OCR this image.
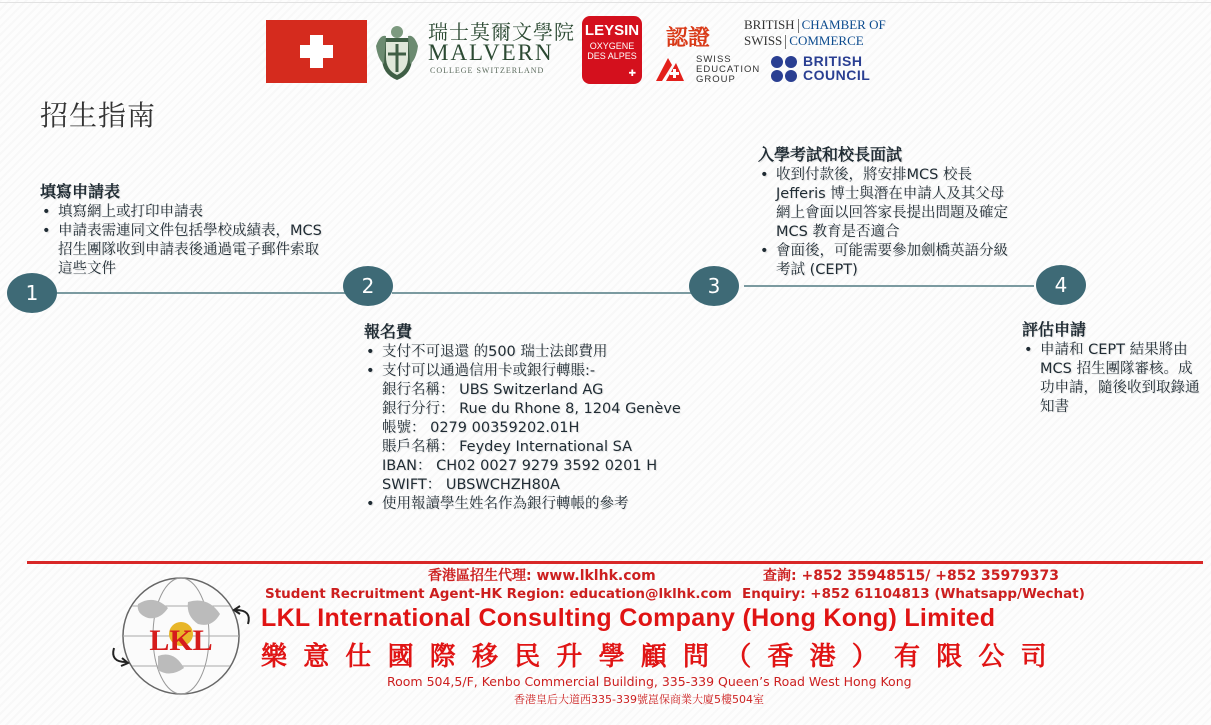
瑞士莫爾文學院
MALVERN
COLLEGE SWITZERLAND
LEYSIN
OXYGENE
DES ALPES
✚
認證
SWISS
EDUCATION
GROUP
BRITISH CHAMBER OF
SWISS COMMERCE
BRITISH
COUNCIL
招生指南
1	2	3	4
填寫申請表
• 填寫網上或打印申請表
• 申請表需連同文件包括學校成績表，MCS 招生團隊收到申請表後通過電子郵件索取這些文件
報名費
• 支付不可退還 的500 瑞士法郎費用
• 支付可以通過信用卡或銀行轉賬:-
銀行名稱： UBS Switzerland AG
銀行分行： Rue du Rhone 8, 1204 Genève
帳號： 0279 00359202.01H
賬戶名稱： Feydey International SA
IBAN： CH02 0027 9279 3592 0201 H
SWIFT： UBSWCHZH80A
• 使用報讀學生姓名作為銀行轉帳的參考
入學考試和校長面試
• 收到付款後，將安排MCS 校長 Jefferis 博士與潛在申請人及其父母網上會面以回答家長提出問題及確定 MCS 教育是否適合
• 會面後，可能需要參加劍橋英語分級考試 (CEPT)
評估申請
• 申請和 CEPT 結果將由MCS 招生團隊審核。成功申請，隨後收到取錄通知書
香港區招生代理: www.lklhk.com	查詢: +852 35948515/ +852 35979373
Student Recruitment Agent-HK Region: education@lklhk.com Enquiry: +852 61104813 (Whatsapp/Wechat)
LKL
LKL International Consulting Company (Hong Kong) Limited
樂意仕國際移民升學顧問（香港）有限公司
Room 504,5/F, Kenbo Commercial Building, 335-339 Queen’s Road West Hong Kong
香港皇后大道西335-339號崑保商業大廈5樓504室
